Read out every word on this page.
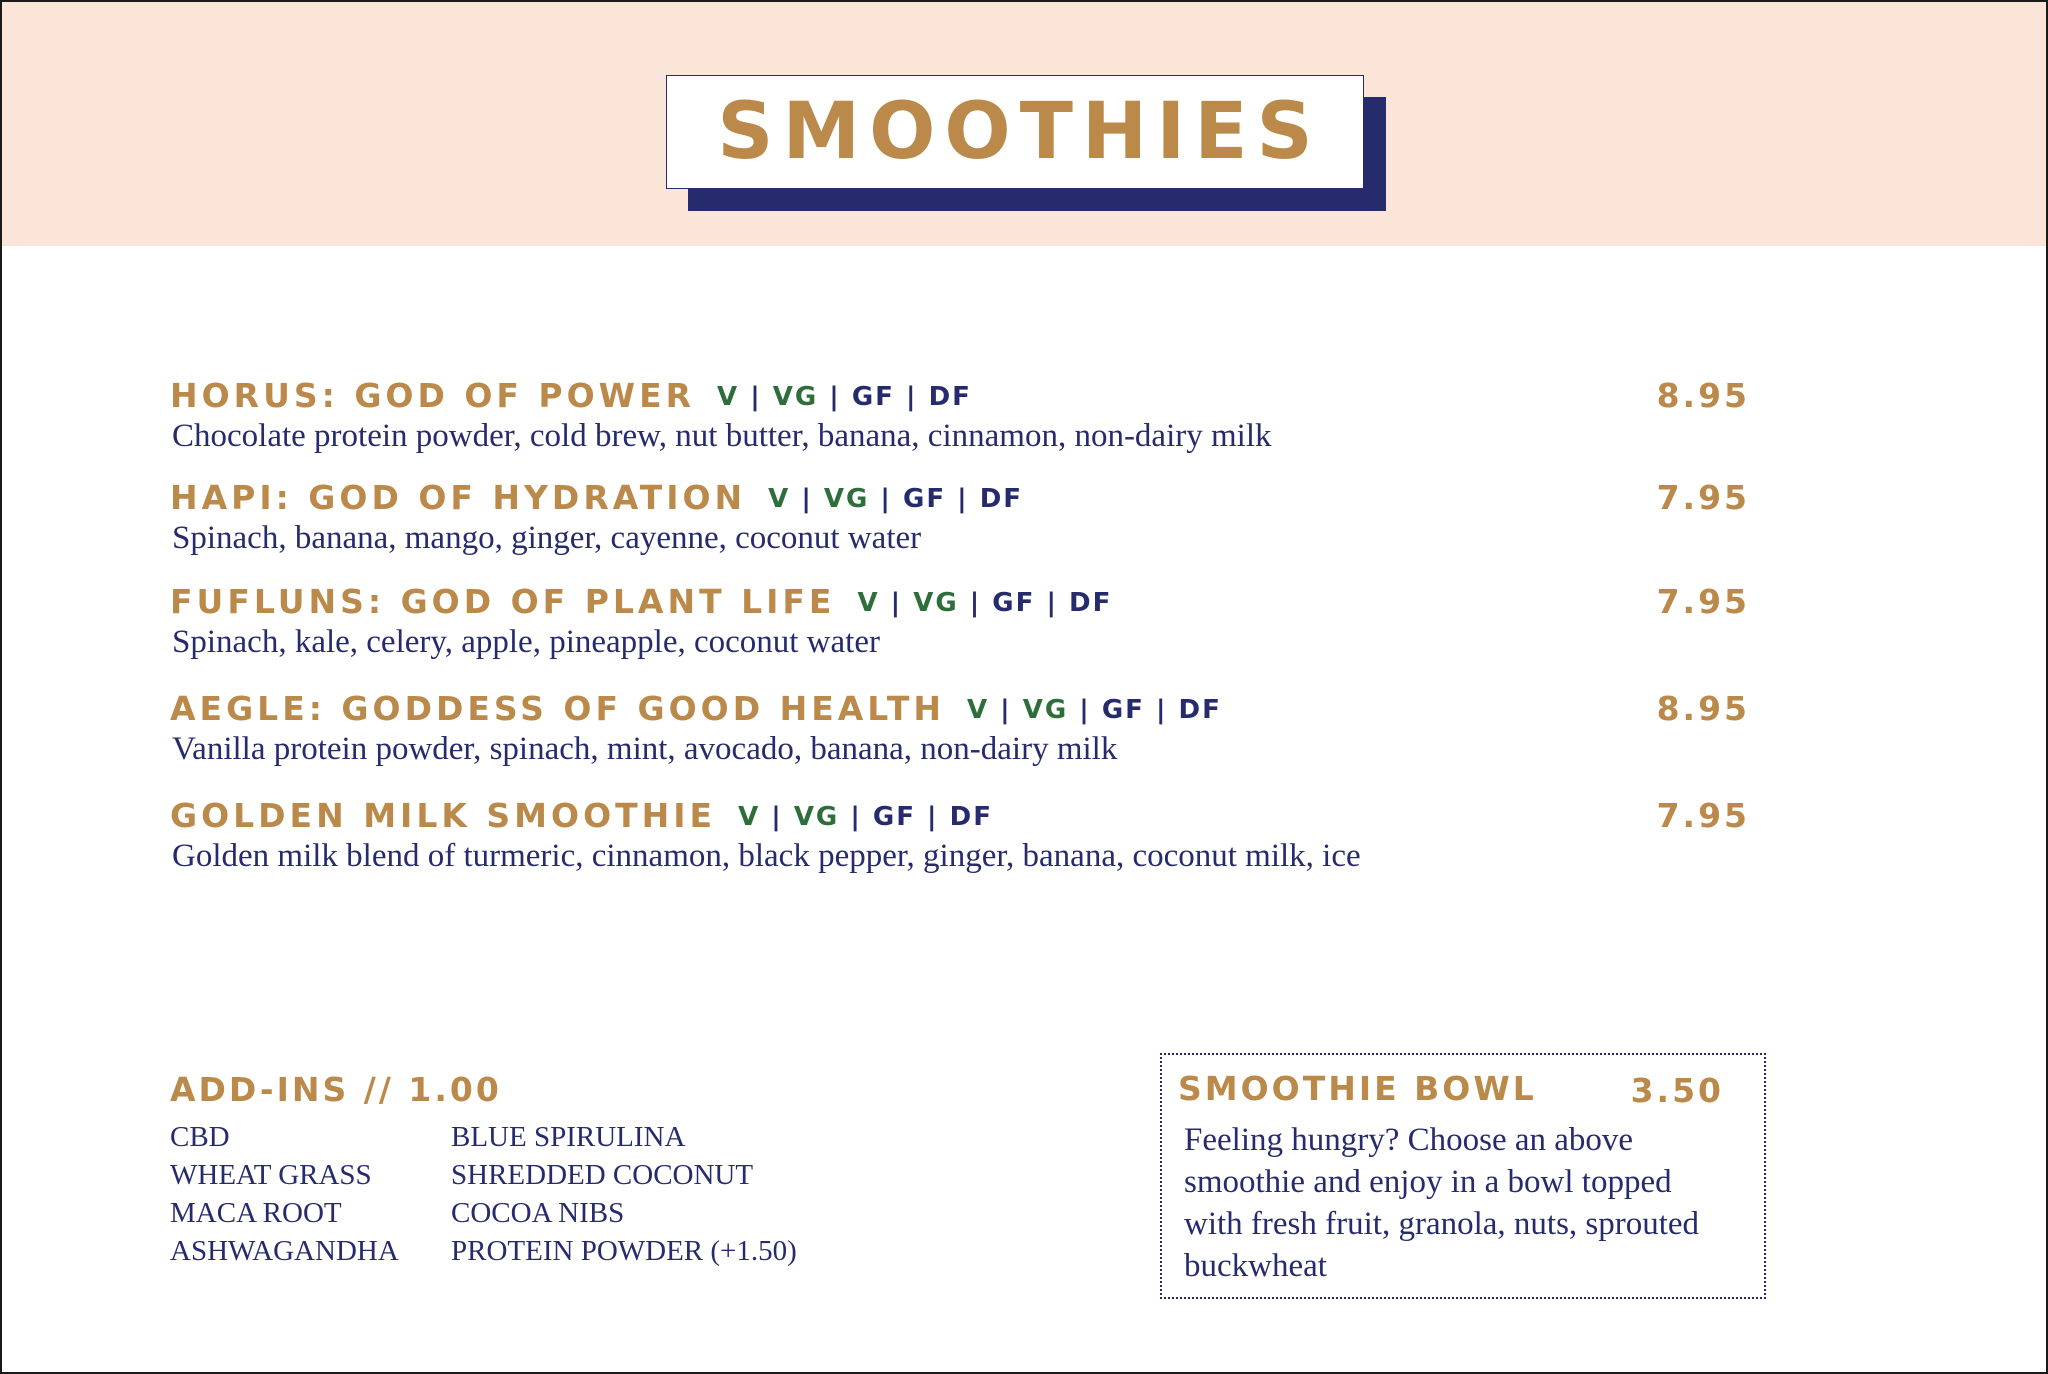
SMOOTHIES
HORUS: GOD OF POWER V | VG | GF | DF	8.95
Chocolate protein powder, cold brew, nut butter, banana, cinnamon, non-dairy milk
HAPI: GOD OF HYDRATION V | VG | GF | DF	7.95
Spinach, banana, mango, ginger, cayenne, coconut water
FUFLUNS: GOD OF PLANT LIFE V | VG | GF | DF	7.95
Spinach, kale, celery, apple, pineapple, coconut water
AEGLE: GODDESS OF GOOD HEALTH V | VG | GF | DF	8.95
Vanilla protein powder, spinach, mint, avocado, banana, non-dairy milk
GOLDEN MILK SMOOTHIE V | VG | GF | DF	7.95
Golden milk blend of turmeric, cinnamon, black pepper, ginger, banana, coconut milk, ice
ADD-INS // 1.00
CBD
WHEAT GRASS
MACA ROOT
ASHWAGANDHA
BLUE SPIRULINA
SHREDDED COCONUT
COCOA NIBS
PROTEIN POWDER (+1.50)
SMOOTHIE BOWL	3.50
Feeling hungry? Choose an above smoothie and enjoy in a bowl topped with fresh fruit, granola, nuts, sprouted buckwheat
